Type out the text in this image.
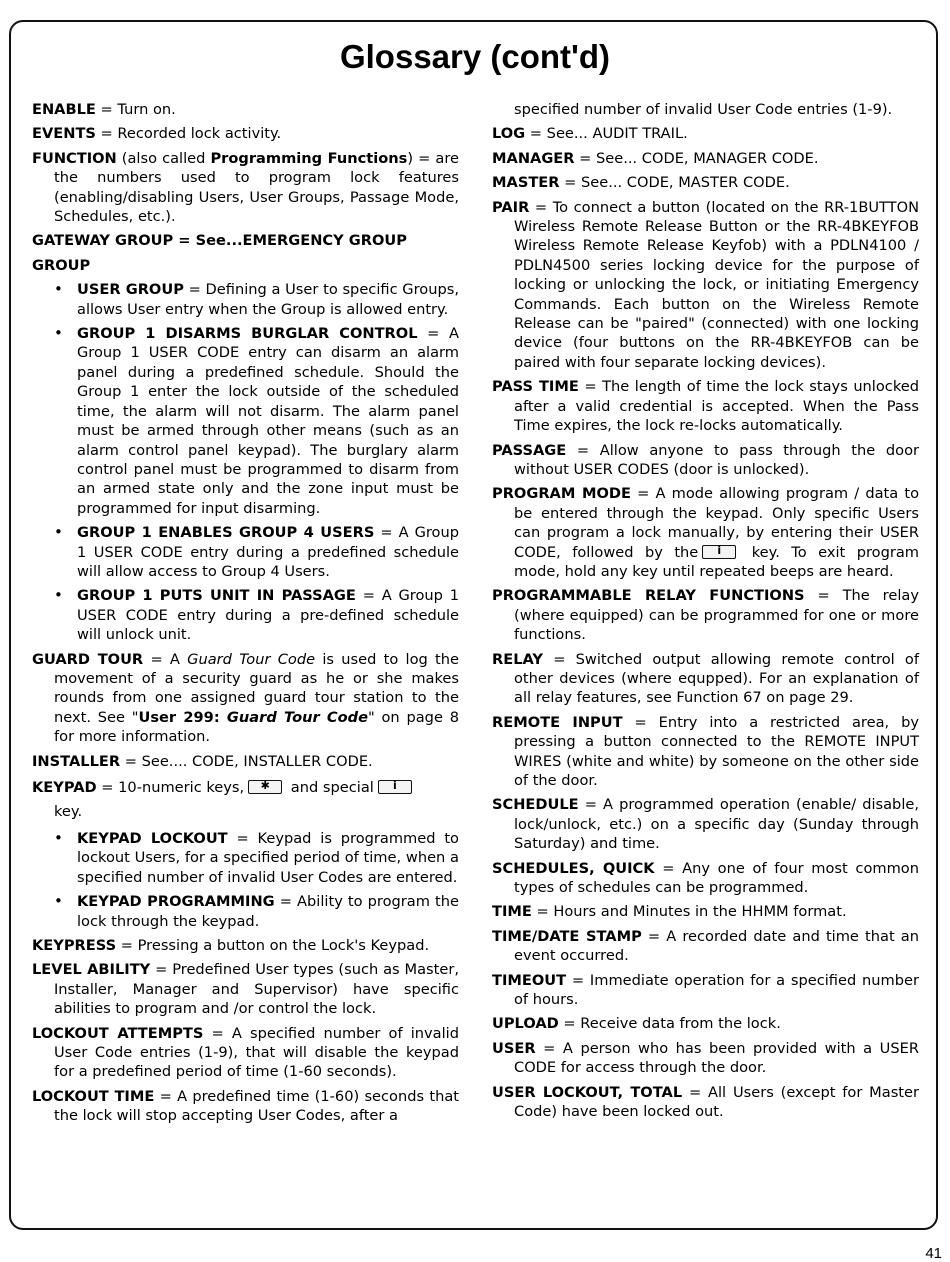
Glossary (cont'd)
ENABLE = Turn on.
EVENTS = Recorded lock activity.
FUNCTION (also called Programming Functions) = are the numbers used to program lock features (enabling/disabling Users, User Groups, Passage Mode, Schedules, etc.).
GATEWAY GROUP = See...EMERGENCY GROUP
GROUP
• USER GROUP = Defining a User to specific Groups, allows User entry when the Group is allowed entry.
• GROUP 1 DISARMS BURGLAR CONTROL = A Group 1 USER CODE entry can disarm an alarm panel during a predefined schedule. Should the Group 1 enter the lock outside of the scheduled time, the alarm will not disarm. The alarm panel must be armed through other means (such as an alarm control panel keypad). The burglary alarm control panel must be programmed to disarm from an armed state only and the zone input must be programmed for input disarming.
• GROUP 1 ENABLES GROUP 4 USERS = A Group 1 USER CODE entry during a predefined schedule will allow access to Group 4 Users.
• GROUP 1 PUTS UNIT IN PASSAGE = A Group 1 USER CODE entry during a pre-defined schedule will unlock unit.
GUARD TOUR = A Guard Tour Code is used to log the movement of a security guard as he or she makes rounds from one assigned guard tour station to the next. See "User 299: Guard Tour Code" on page 8 for more information.
INSTALLER = See.... CODE, INSTALLER CODE.
KEYPAD = 10-numeric keys,	✱	and special	i

key.
• KEYPAD LOCKOUT = Keypad is programmed to lockout Users, for a specified period of time, when a specified number of invalid User Codes are entered.
• KEYPAD PROGRAMMING = Ability to program the lock through the keypad.
KEYPRESS = Pressing a button on the Lock's Keypad.
LEVEL ABILITY = Predefined User types (such as Master, Installer, Manager and Supervisor) have specific abilities to program and /or control the lock.
LOCKOUT ATTEMPTS = A specified number of invalid User Code entries (1-9), that will disable the keypad for a predefined period of time (1-60 seconds).
LOCKOUT TIME = A predefined time (1-60) seconds that the lock will stop accepting User Codes, after a
specified number of invalid User Code entries (1-9).
LOG = See... AUDIT TRAIL.
MANAGER = See... CODE, MANAGER CODE.
MASTER = See... CODE, MASTER CODE.
PAIR = To connect a button (located on the RR-1BUTTON Wireless Remote Release Button or the RR-4BKEYFOB Wireless Remote Release Keyfob) with a PDLN4100 / PDLN4500 series locking device for the purpose of locking or unlocking the lock, or initiating Emergency Commands. Each button on the Wireless Remote Release can be "paired" (connected) with one locking device (four buttons on the RR-4BKEYFOB can be paired with four separate locking devices).
PASS TIME = The length of time the lock stays unlocked after a valid credential is accepted. When the Pass Time expires, the lock re-locks automatically.
PASSAGE = Allow anyone to pass through the door without USER CODES (door is unlocked).
PROGRAM MODE = A mode allowing program / data to be entered through the keypad. Only specific Users can program a lock manually, by entering their USER CODE, followed by the	i	key. To exit program mode, hold any key until repeated beeps are heard.
PROGRAMMABLE RELAY FUNCTIONS = The relay (where equipped) can be programmed for one or more functions.
RELAY = Switched output allowing remote control of other devices (where equpped). For an explanation of all relay features, see Function 67 on page 29.
REMOTE INPUT = Entry into a restricted area, by pressing a button connected to the REMOTE INPUT WIRES (white and white) by someone on the other side of the door.
SCHEDULE = A programmed operation (enable/ disable, lock/unlock, etc.) on a specific day (Sunday through Saturday) and time.
SCHEDULES, QUICK = Any one of four most common types of schedules can be programmed.
TIME = Hours and Minutes in the HHMM format.
TIME/DATE STAMP = A recorded date and time that an event occurred.
TIMEOUT = Immediate operation for a specified number of hours.
UPLOAD = Receive data from the lock.
USER = A person who has been provided with a USER CODE for access through the door.
USER LOCKOUT, TOTAL = All Users (except for Master Code) have been locked out.
41
